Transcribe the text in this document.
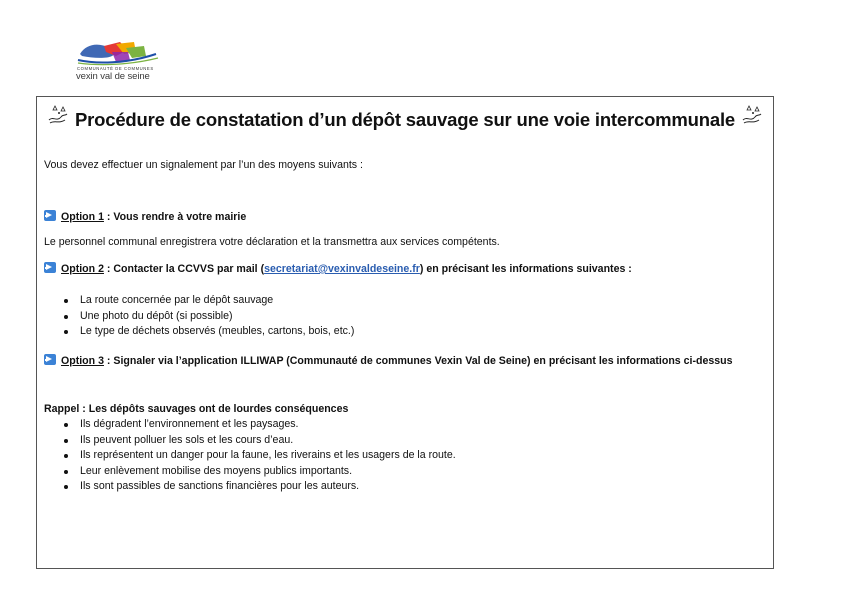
COMMUNAUTÉ DE COMMUNES
vexin val de seine
Procédure de constatation d’un dépôt sauvage sur une voie intercommunale
Vous devez effectuer un signalement par l’un des moyens suivants :
Option 1 : Vous rendre à votre mairie
Le personnel communal enregistrera votre déclaration et la transmettra aux services compétents.
Option 2 : Contacter la CCVVS par mail (secretariat@vexinvaldeseine.fr) en précisant les informations suivantes :
La route concernée par le dépôt sauvage
Une photo du dépôt (si possible)
Le type de déchets observés (meubles, cartons, bois, etc.)
Option 3 : Signaler via l’application ILLIWAP (Communauté de communes Vexin Val de Seine) en précisant les informations ci-dessus
Rappel : Les dépôts sauvages ont de lourdes conséquences
Ils dégradent l’environnement et les paysages.
Ils peuvent polluer les sols et les cours d’eau.
Ils représentent un danger pour la faune, les riverains et les usagers de la route.
Leur enlèvement mobilise des moyens publics importants.
Ils sont passibles de sanctions financières pour les auteurs.
